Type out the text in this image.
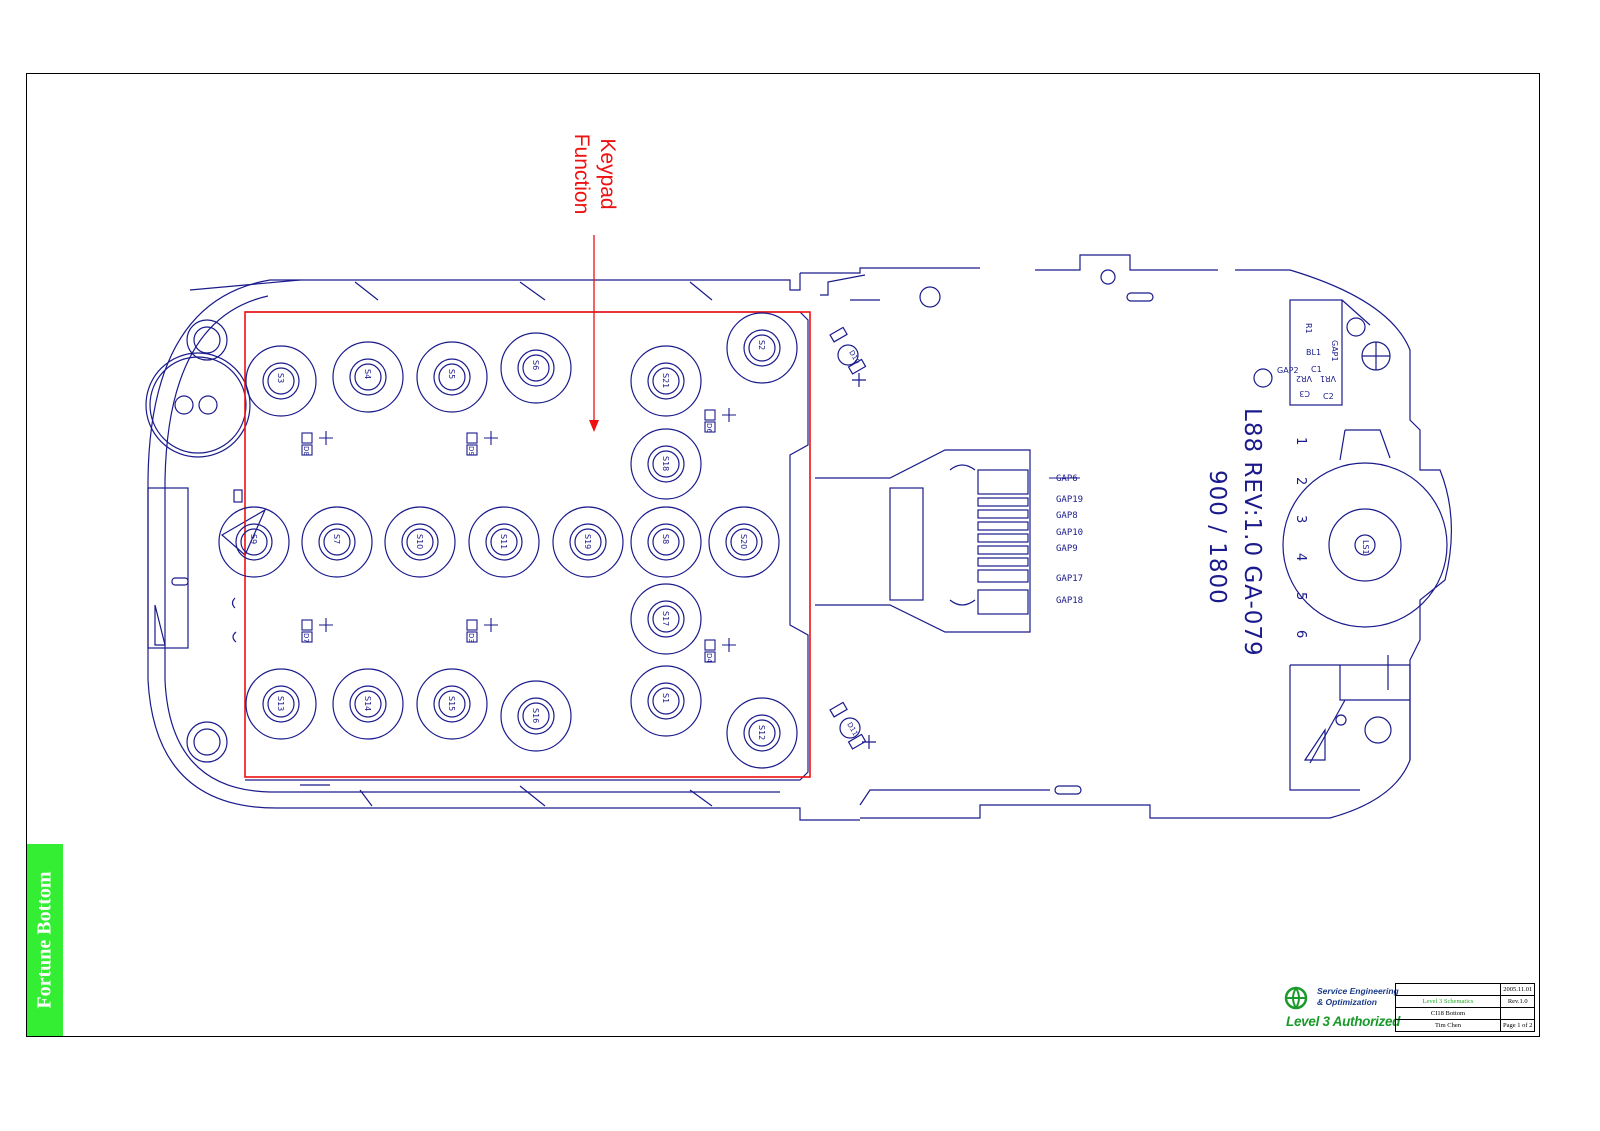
S2
S3	S4	S5
S6
S21
S18
S9	S7	S10	S11	S19	S8	S20
S17
S13	S14	S15
S16
S1
S12
GAP6
GAP19
GAP8
GAP10
GAP9
GAP17
GAP18	L88 REV:1.0 GA-079
900 / 1800
1
2
3
4
5
6
R1
BL1 GAP1
GAP2 C1
VR2 VR1
C3 C2
LS1
D8	D9
D6
D7	D3
D4
D10
D11
Keypad
Function
Fortune Bottom	Service Engineering
& Optimization
Level 3 Authorized
	2005.11.01
Level 3 Schematics	Rev.1.0
CI18 Bottom	
Tim Chen	Page 1 of 2
